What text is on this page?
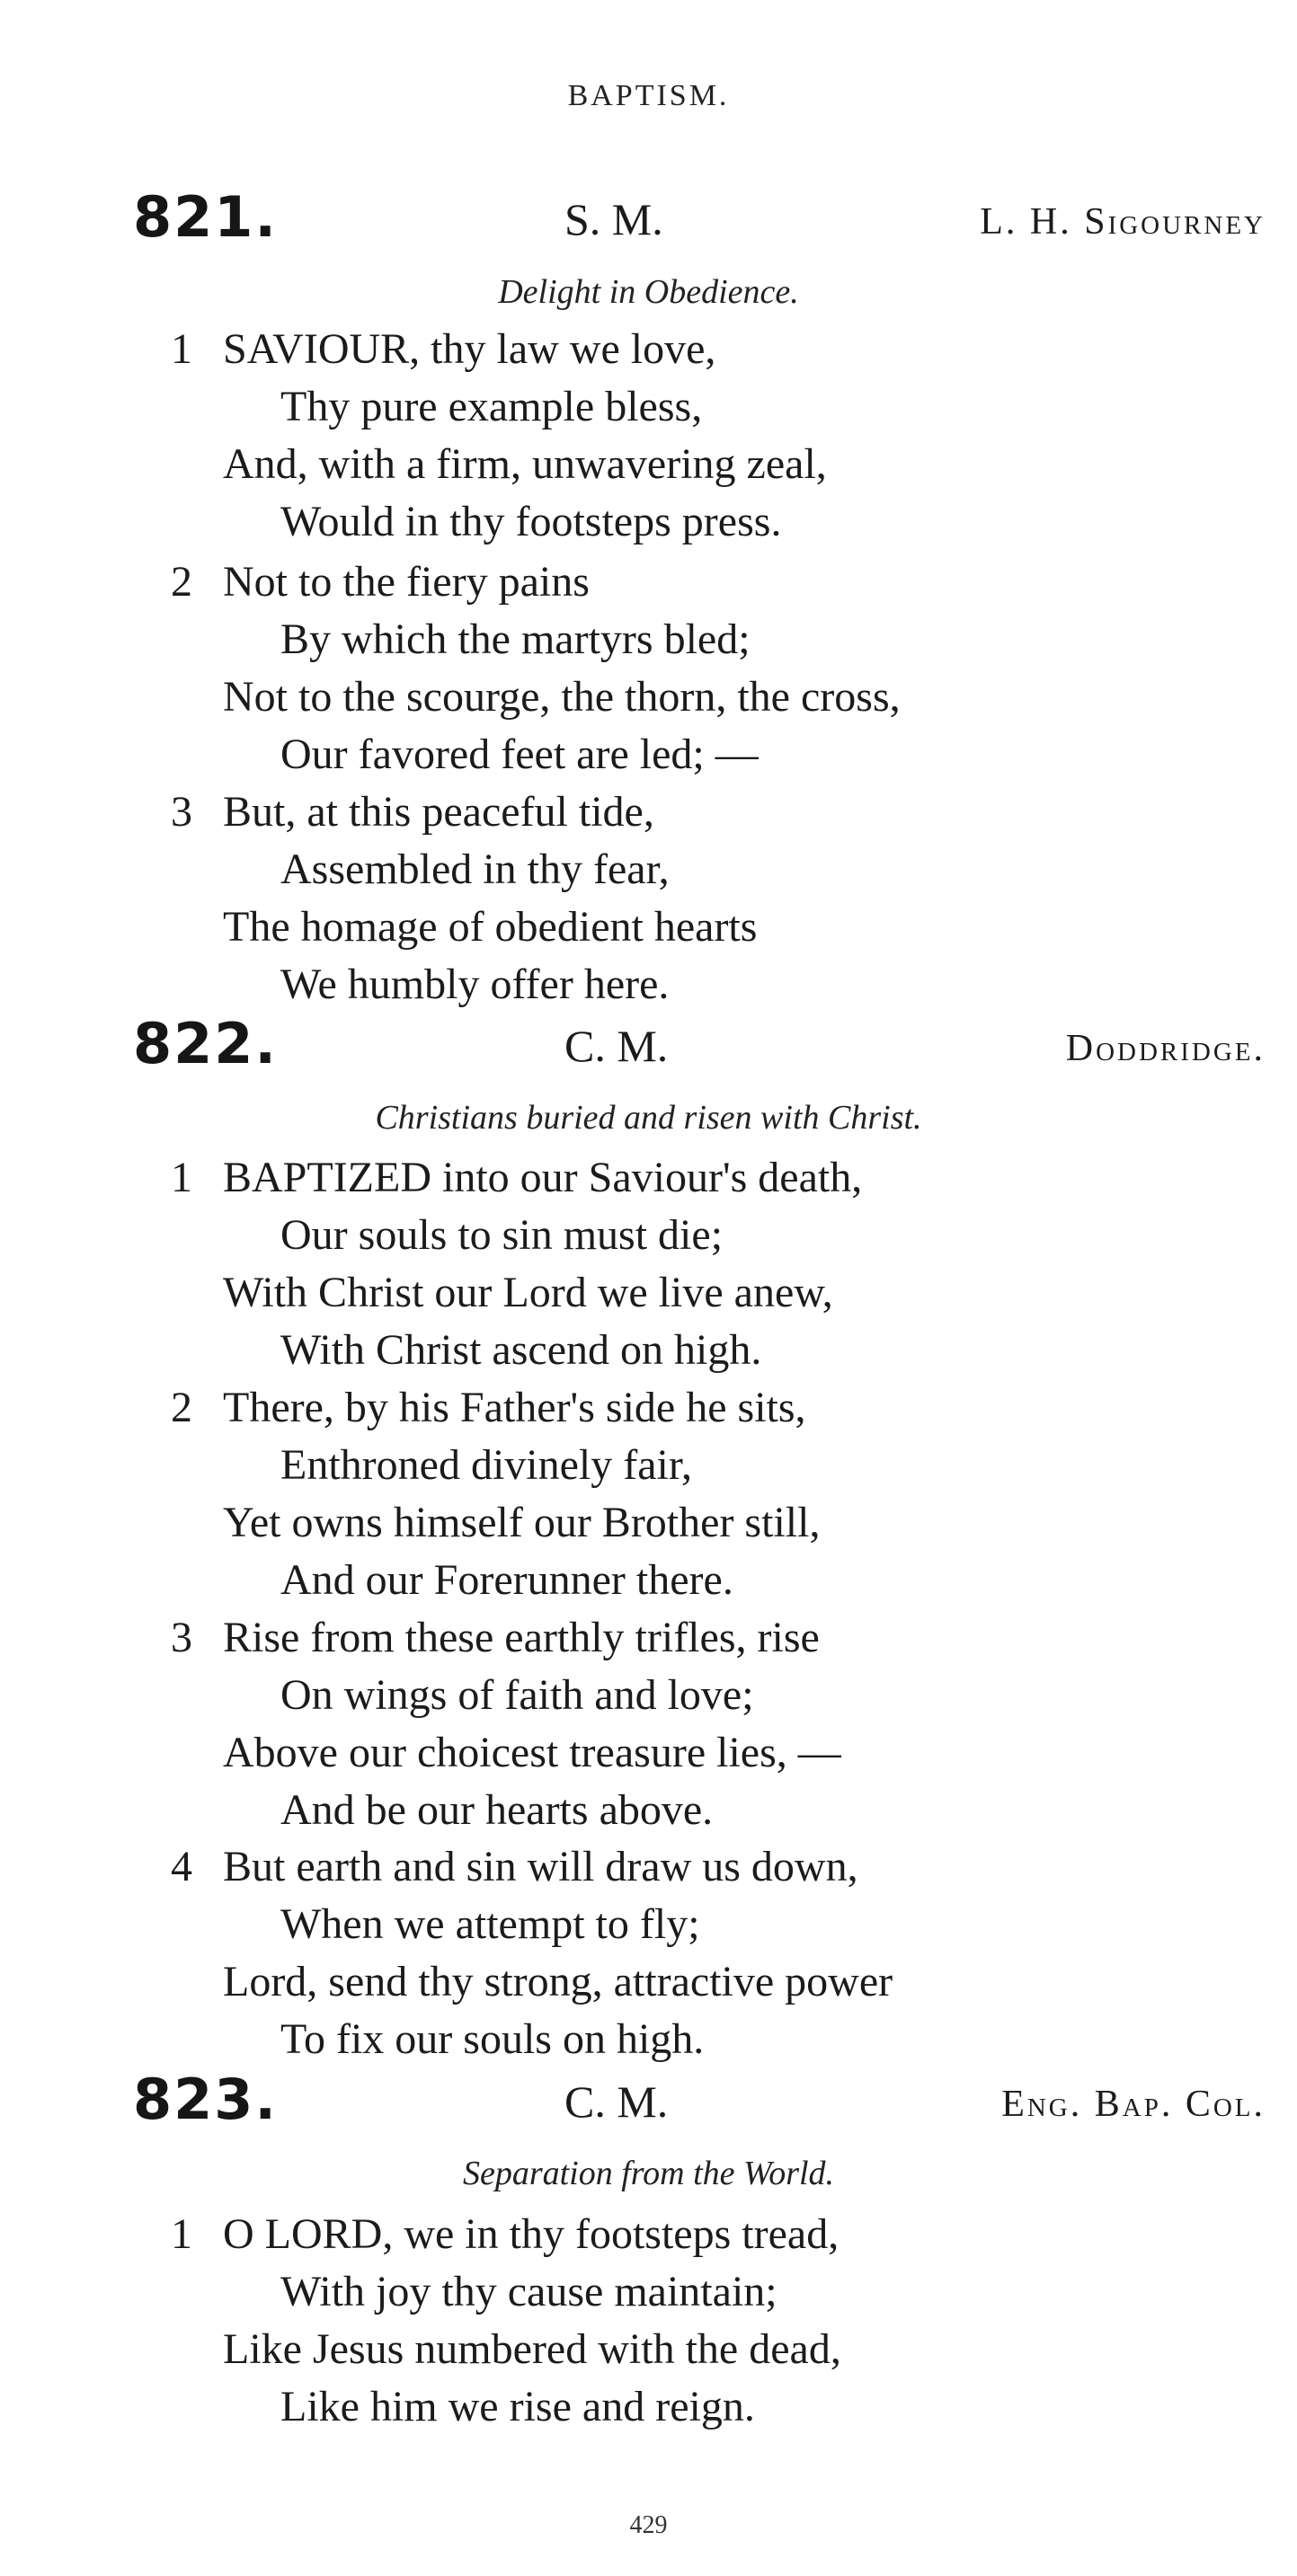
BAPTISM.
821.	S. M.	L. H. Sigourney
Delight in Obedience.
1 SAVIOUR, thy law we love,
Thy pure example bless,
And, with a firm, unwavering zeal,
Would in thy footsteps press.
2 Not to the fiery pains
By which the martyrs bled;
Not to the scourge, the thorn, the cross,
Our favored feet are led; —
3 But, at this peaceful tide,
Assembled in thy fear,
The homage of obedient hearts
We humbly offer here.
822.	C. M.	Doddridge.
Christians buried and risen with Christ.
1 BAPTIZED into our Saviour's death,
Our souls to sin must die;
With Christ our Lord we live anew,
With Christ ascend on high.
2 There, by his Father's side he sits,
Enthroned divinely fair,
Yet owns himself our Brother still,
And our Forerunner there.
3 Rise from these earthly trifles, rise
On wings of faith and love;
Above our choicest treasure lies, —
And be our hearts above.
4 But earth and sin will draw us down,
When we attempt to fly;
Lord, send thy strong, attractive power
To fix our souls on high.
823.	C. M.	Eng. Bap. Col.
Separation from the World.
1 O LORD, we in thy footsteps tread,
With joy thy cause maintain;
Like Jesus numbered with the dead,
Like him we rise and reign.
429
